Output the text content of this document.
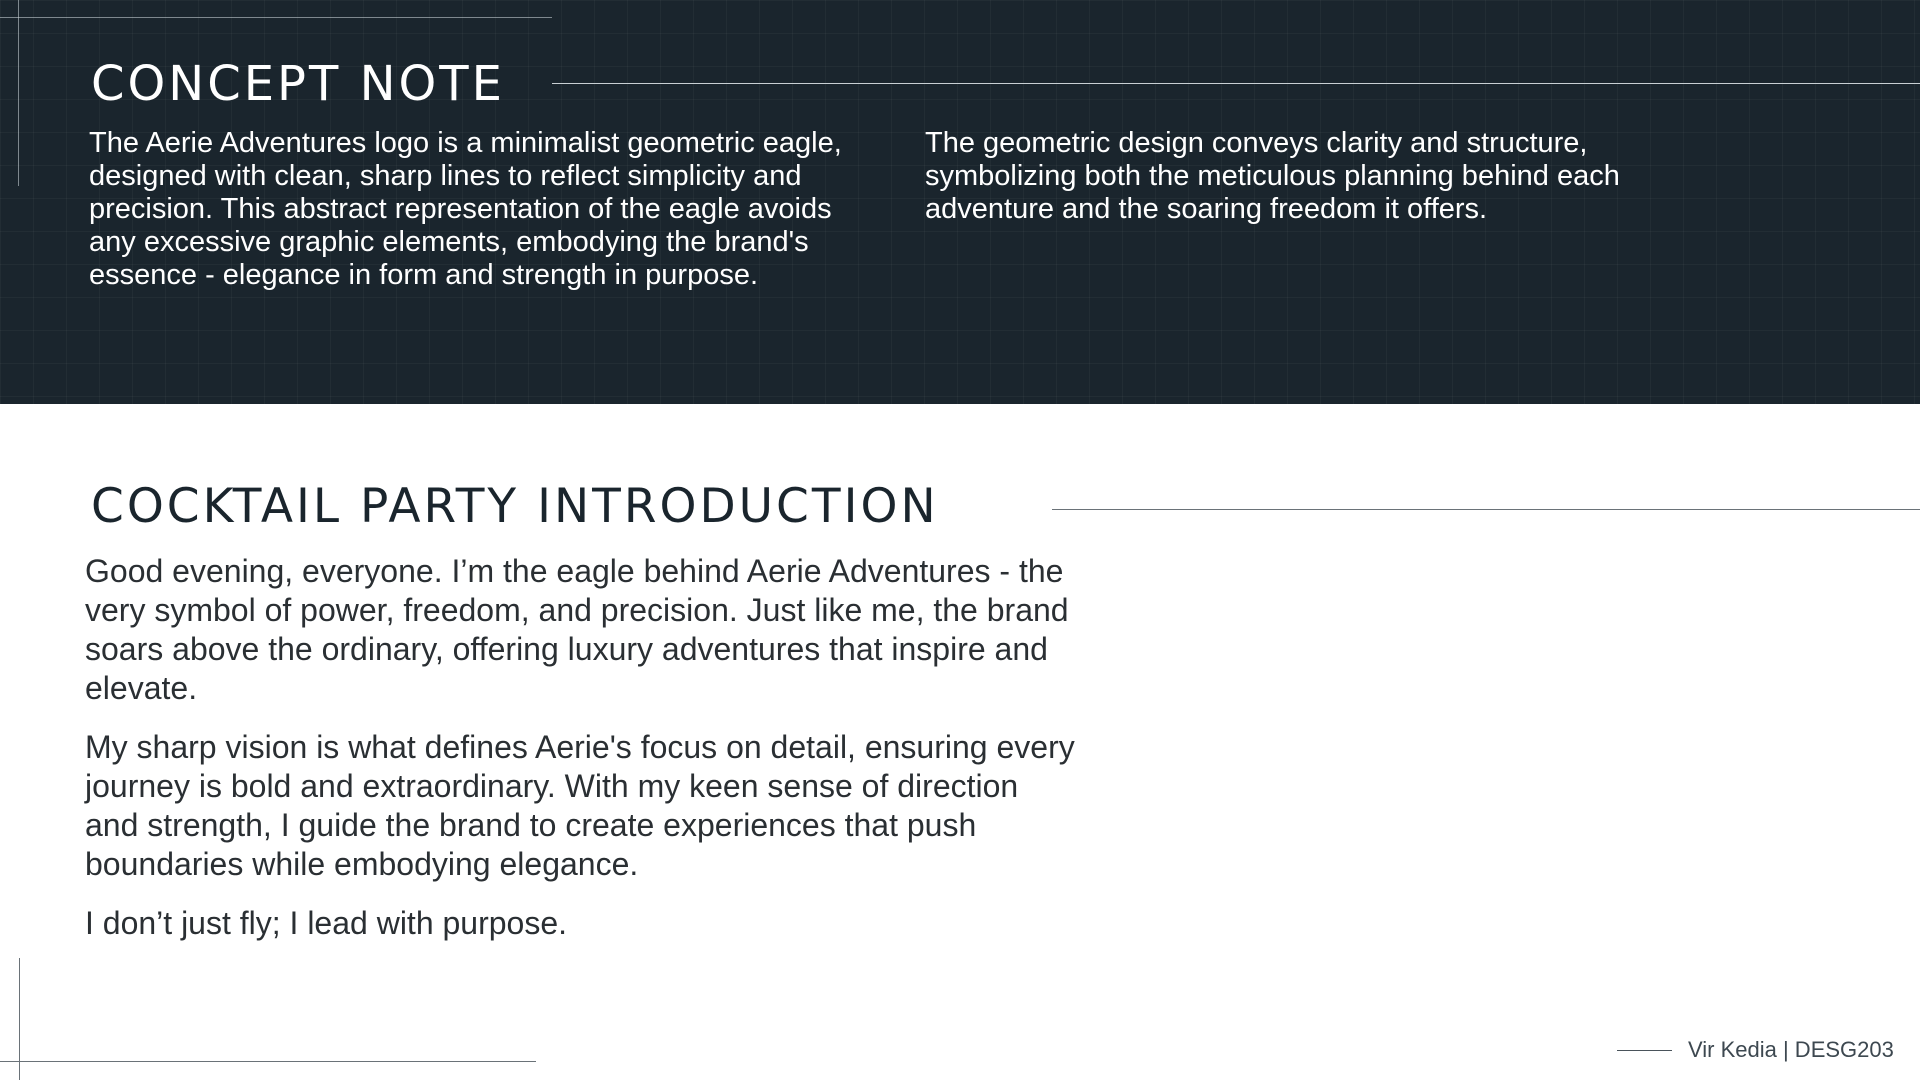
CONCEPT NOTE

The Aerie Adventures logo is a minimalist geometric eagle, designed with clean, sharp lines to reflect simplicity and precision. This abstract representation of the eagle avoids any excessive graphic elements, embodying the brand's essence - elegance in form and strength in purpose.

The geometric design conveys clarity and structure, symbolizing both the meticulous planning behind each adventure and the soaring freedom it offers.

COCKTAIL PARTY INTRODUCTION

Good evening, everyone. I’m the eagle behind Aerie Adventures - the very symbol of power, freedom, and precision. Just like me, the brand soars above the ordinary, offering luxury adventures that inspire and elevate.

My sharp vision is what defines Aerie's focus on detail, ensuring every journey is bold and extraordinary. With my keen sense of direction and strength, I guide the brand to create experiences that push boundaries while embodying elegance.

I don’t just fly; I lead with purpose.

Vir Kedia | DESG203
